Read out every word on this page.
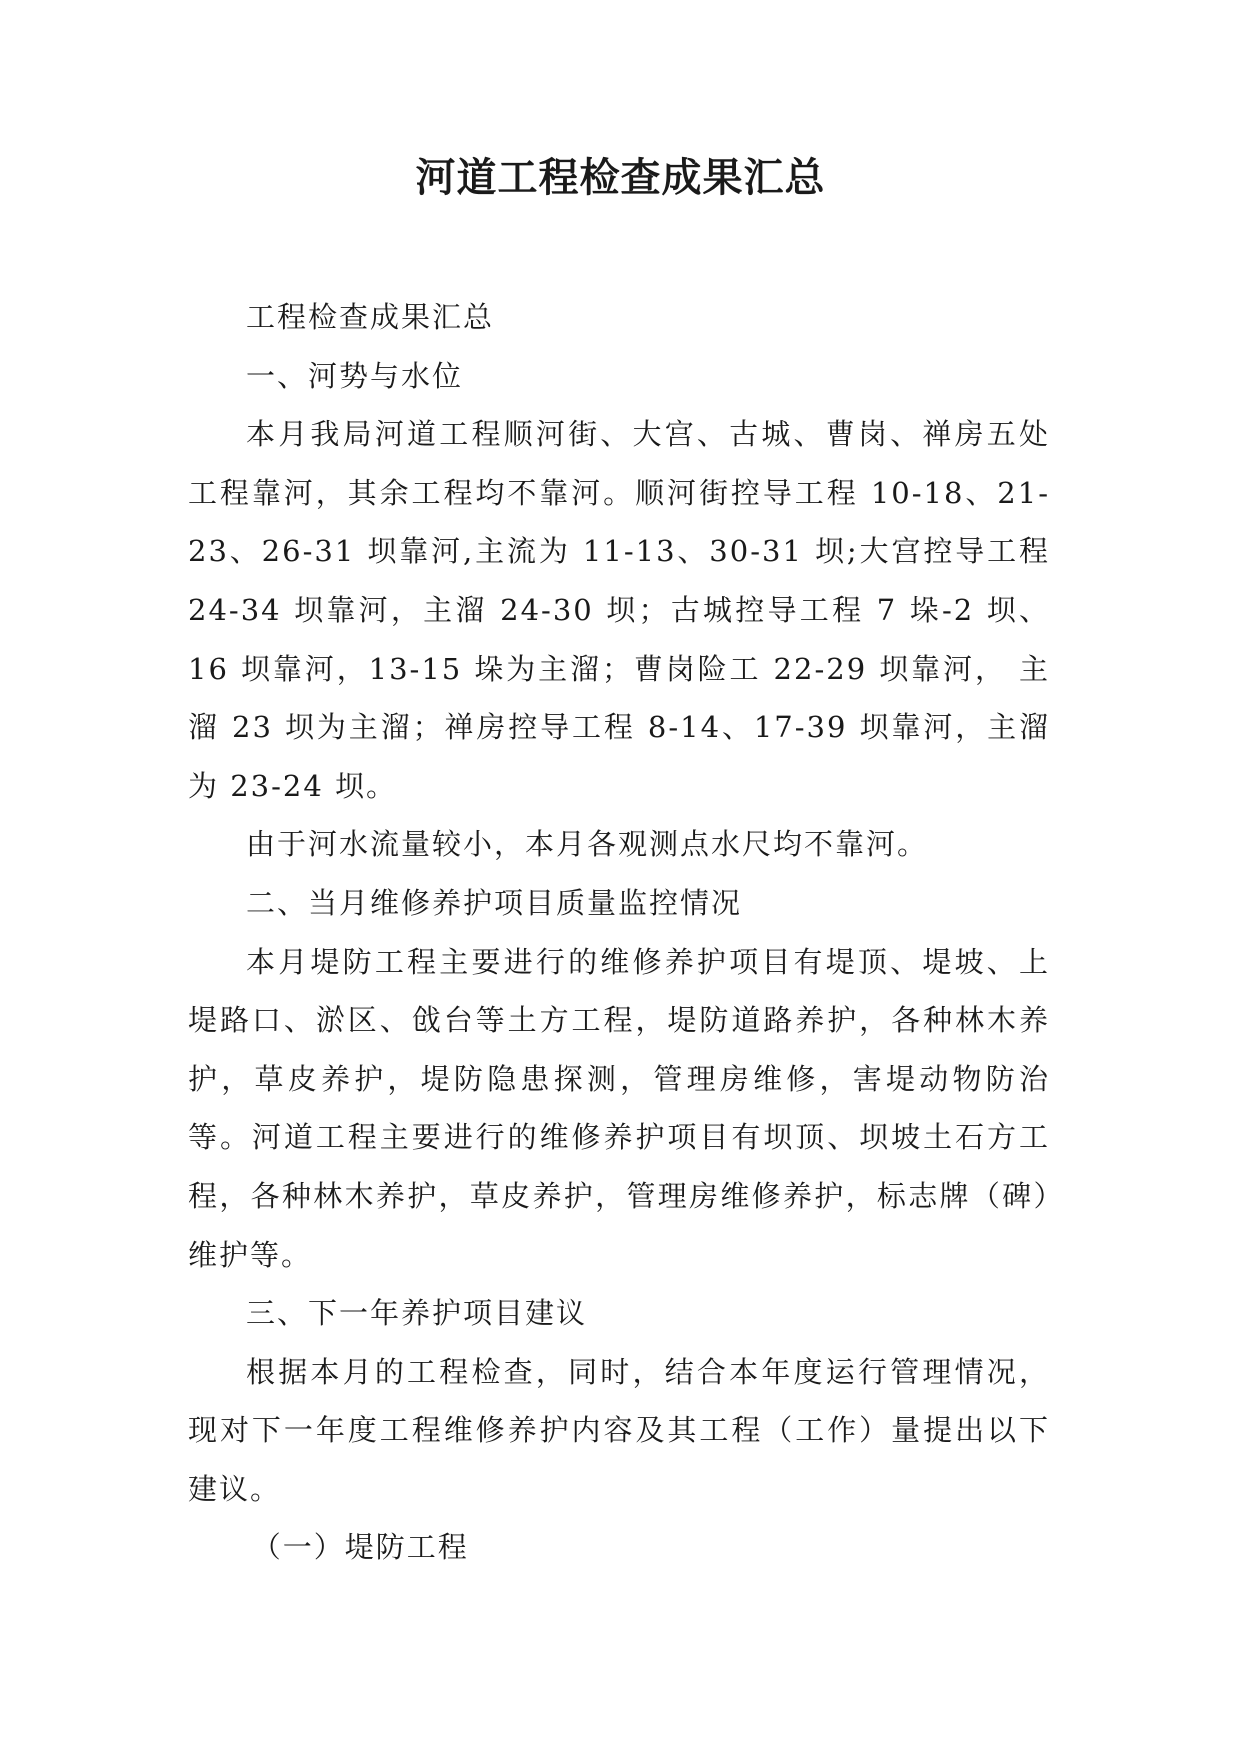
河道工程检查成果汇总

工程检查成果汇总

一、河势与水位

本月我局河道工程顺河街、大宫、古城、曹岗、禅房五处工程靠河，其余工程均不靠河。顺河街控导工程 10-18、21-23、26-31 坝靠河,主流为 11-13、30-31 坝;大宫控导工程 24-34 坝靠河，主溜 24-30 坝；古城控导工程 7 垛-2 坝、16 坝靠河，13-15 垛为主溜；曹岗险工 22-29 坝靠河， 主溜 23 坝为主溜；禅房控导工程 8-14、17-39 坝靠河，主溜为 23-24 坝。

由于河水流量较小，本月各观测点水尺均不靠河。

二、当月维修养护项目质量监控情况

本月堤防工程主要进行的维修养护项目有堤顶、堤坡、上堤路口、淤区、戗台等土方工程，堤防道路养护，各种林木养护，草皮养护，堤防隐患探测，管理房维修，害堤动物防治等。河道工程主要进行的维修养护项目有坝顶、坝坡土石方工程，各种林木养护，草皮养护，管理房维修养护，标志牌（碑）维护等。

三、下一年养护项目建议

根据本月的工程检查，同时，结合本年度运行管理情况，现对下一年度工程维修养护内容及其工程（工作）量提出以下建议。

（一）堤防工程
